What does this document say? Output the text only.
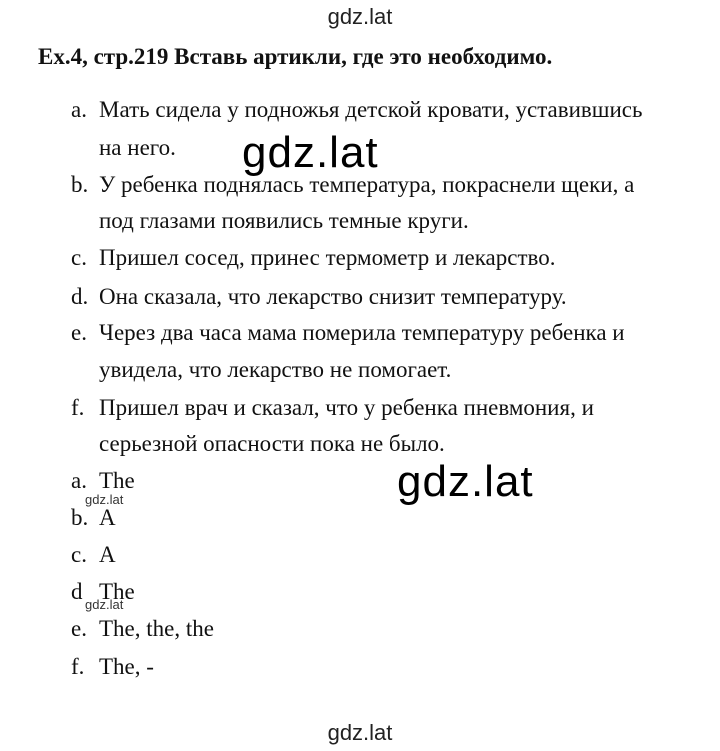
gdz.lat
Ex.4, стр.219 Вставь артикли, где это необходимо.
a. Мать сидела у подножья детской кровати, уставившись
на него.
b. У ребенка поднялась температура, покраснели щеки, а
под глазами появились темные круги.
c. Пришел сосед, принес термометр и лекарство.
d. Она сказала, что лекарство снизит температуру.
e. Через два часа мама померила температуру ребенка и
увидела, что лекарство не помогает.
f. Пришел врач и сказал, что у ребенка пневмония, и
серьезной опасности пока не было.
a. The
b. A
c. A
d The
e. The, the, the
f. The, -
gdz.lat
gdz.lat
gdz.lat
gdz.lat
gdz.lat
